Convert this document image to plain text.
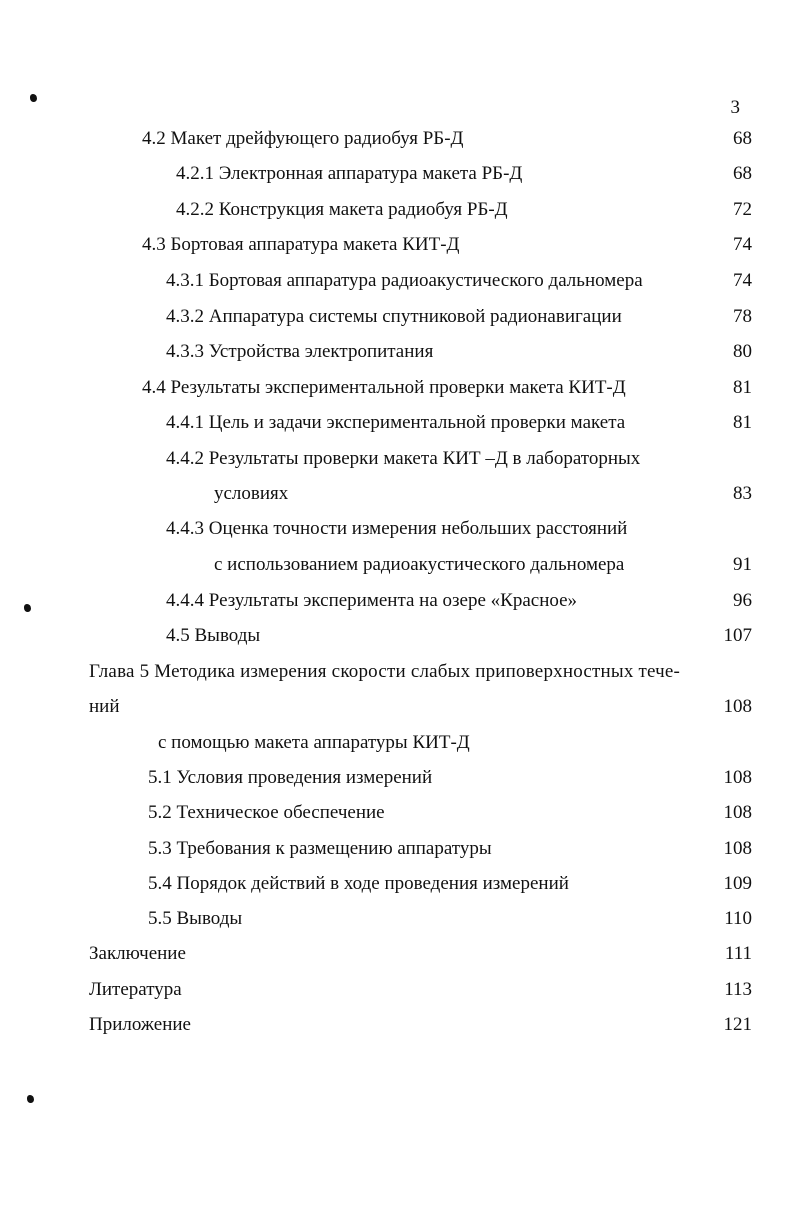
3
4.2 Макет дрейфующего радиобуя РБ-Д	68
4.2.1 Электронная аппаратура макета РБ-Д	68
4.2.2 Конструкция макета радиобуя РБ-Д	72
4.3 Бортовая аппаратура макета КИТ-Д	74
4.3.1 Бортовая аппаратура радиоакустического дальномера	74
4.3.2 Аппаратура системы спутниковой радионавигации	78
4.3.3 Устройства электропитания	80
4.4 Результаты экспериментальной проверки макета КИТ-Д	81
4.4.1 Цель и задачи экспериментальной проверки макета	81
4.4.2 Результаты проверки макета КИТ –Д в лабораторных
условиях	83
4.4.3 Оценка точности измерения небольших расстояний
с использованием радиоакустического дальномера	91
4.4.4 Результаты эксперимента на озере «Красное»	96
4.5 Выводы	107
Глава 5 Методика измерения скорости слабых приповерхностных тече-
ний	108
с помощью макета аппаратуры КИТ-Д
5.1 Условия проведения измерений	108
5.2 Техническое обеспечение	108
5.3 Требования к размещению аппаратуры	108
5.4 Порядок действий в ходе проведения измерений	109
5.5 Выводы	110
Заключение	111
Литература	113
Приложение	121
